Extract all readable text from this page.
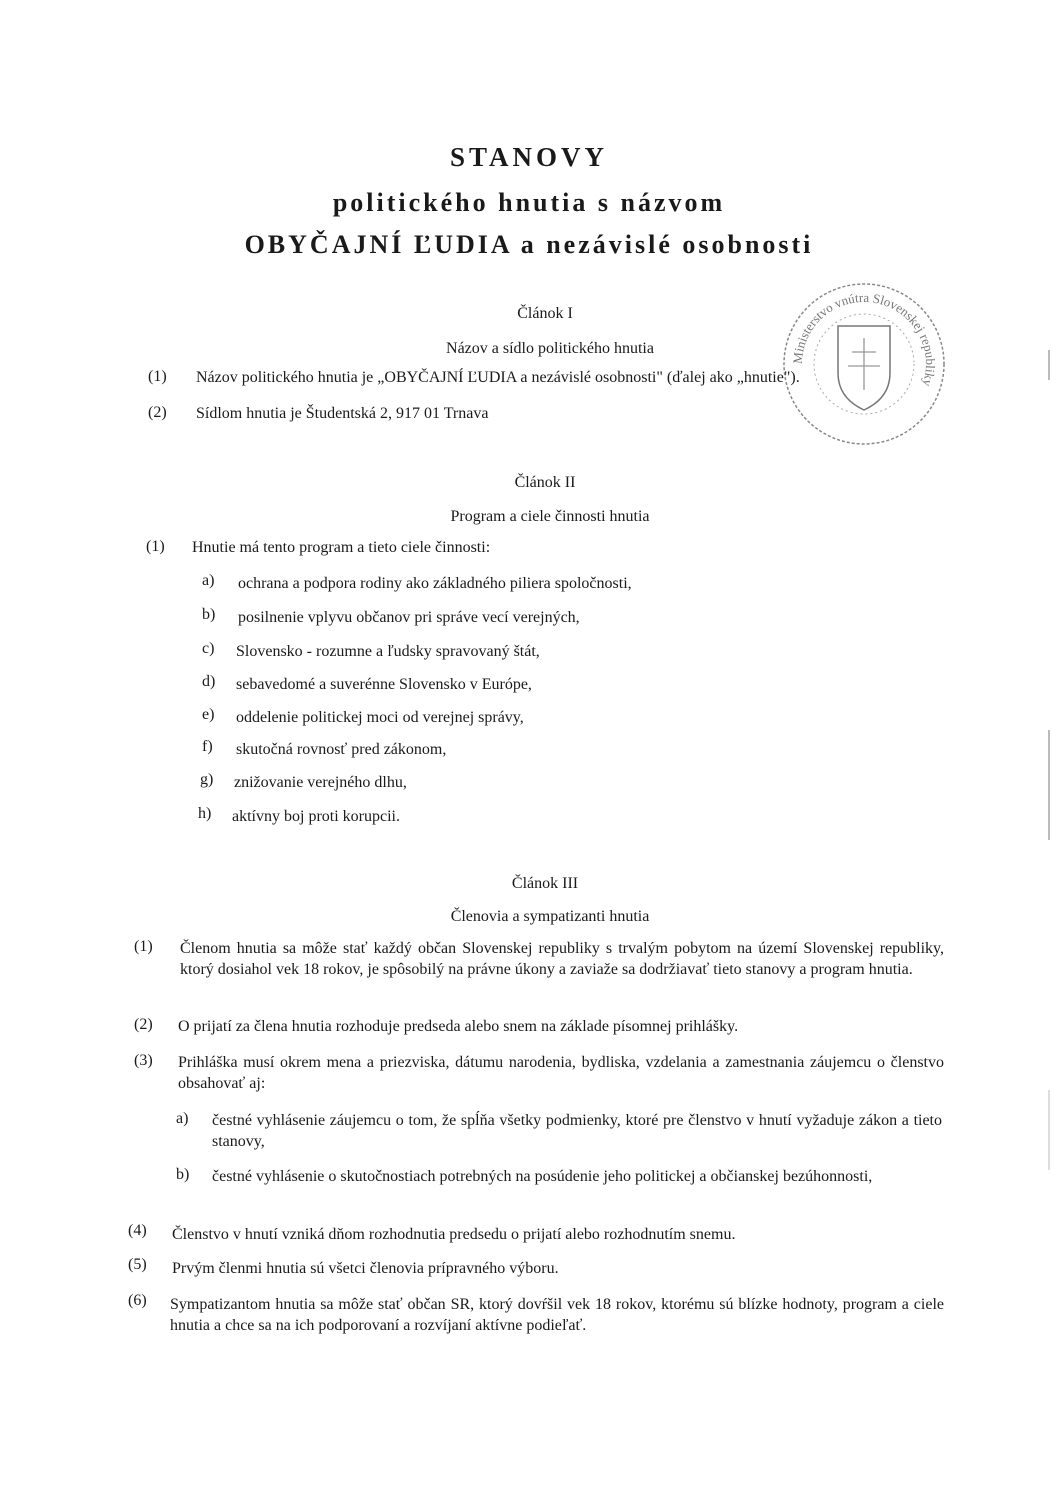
STANOVY
politického hnutia s názvom
OBYČAJNÍ ĽUDIA a nezávislé osobnosti
Článok I
Názov a sídlo politického hnutia
(1) Názov politického hnutia je „OBYČAJNÍ ĽUDIA a nezávislé osobnosti" (ďalej ako „hnutie").
(2) Sídlom hnutia je Študentská 2, 917 01 Trnava
Ministerstvo vnútra Slovenskej republiky
Článok II
Program a ciele činnosti hnutia
(1) Hnutie má tento program a tieto ciele činnosti:
a) ochrana a podpora rodiny ako základného piliera spoločnosti,
b) posilnenie vplyvu občanov pri správe vecí verejných,
c) Slovensko - rozumne a ľudsky spravovaný štát,
d) sebavedomé a suverénne Slovensko v Európe,
e) oddelenie politickej moci od verejnej správy,
f) skutočná rovnosť pred zákonom,
g) znižovanie verejného dlhu,
h) aktívny boj proti korupcii.
Článok III
Členovia a sympatizanti hnutia
(1) Členom hnutia sa môže stať každý občan Slovenskej republiky s trvalým pobytom na území Slovenskej republiky, ktorý dosiahol vek 18 rokov, je spôsobilý na právne úkony a zaviaže sa dodržiavať tieto stanovy a program hnutia.
(2) O prijatí za člena hnutia rozhoduje predseda alebo snem na základe písomnej prihlášky.
(3) Prihláška musí okrem mena a priezviska, dátumu narodenia, bydliska, vzdelania a zamestnania záujemcu o členstvo obsahovať aj:
a) čestné vyhlásenie záujemcu o tom, že spĺňa všetky podmienky, ktoré pre členstvo v hnutí vyžaduje zákon a tieto stanovy,
b) čestné vyhlásenie o skutočnostiach potrebných na posúdenie jeho politickej a občianskej bezúhonnosti,
(4) Členstvo v hnutí vzniká dňom rozhodnutia predsedu o prijatí alebo rozhodnutím snemu.
(5) Prvým členmi hnutia sú všetci členovia prípravného výboru.
(6) Sympatizantom hnutia sa môže stať občan SR, ktorý dovŕšil vek 18 rokov, ktorému sú blízke hodnoty, program a ciele hnutia a chce sa na ich podporovaní a rozvíjaní aktívne podieľať.
